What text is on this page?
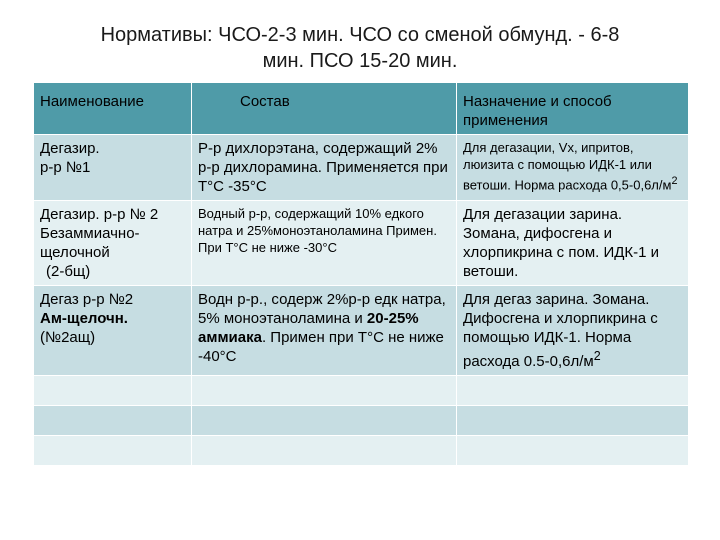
Нормативы: ЧСО-2-3 мин. ЧСО со сменой обмунд. - 6-8
мин. ПСО 15-20 мин.
Наименование	Состав	Назначение и способ применения

Дегазир.
р-р №1	Р-р дихлорэтана, содержащий 2% р-р дихлорамина. Применяется при Т°С -35°С	Для дегазации, Vx, ипритов, люизита с помощью ИДК-1 или ветоши. Норма расхода $0,5-0,6л/м^2$

Дегазир. р-р № 2 Безаммиачно-щелочной
(2-бщ)	Водный р-р, содержащий 10% едкого натра и 25%моноэтаноламина Примен. При Т°С не ниже -30°С	Для дегазации зарина. Зомана, дифосгена и хлорпикрина с пом. ИДК-1 и ветоши.

Дегаз р-р №2
Ам-щелочн.
(№2ащ)	Водн р-р., содерж 2%р-р едк натра, 5% моноэтаноламина и 20-25% аммиака. Примен при Т°С не ниже -40°С	Для дегаз зарина. Зомана. Дифосгена и хлорпикрина с помощью ИДК-1. Норма расхода $0.5-0,6л/м^2$
